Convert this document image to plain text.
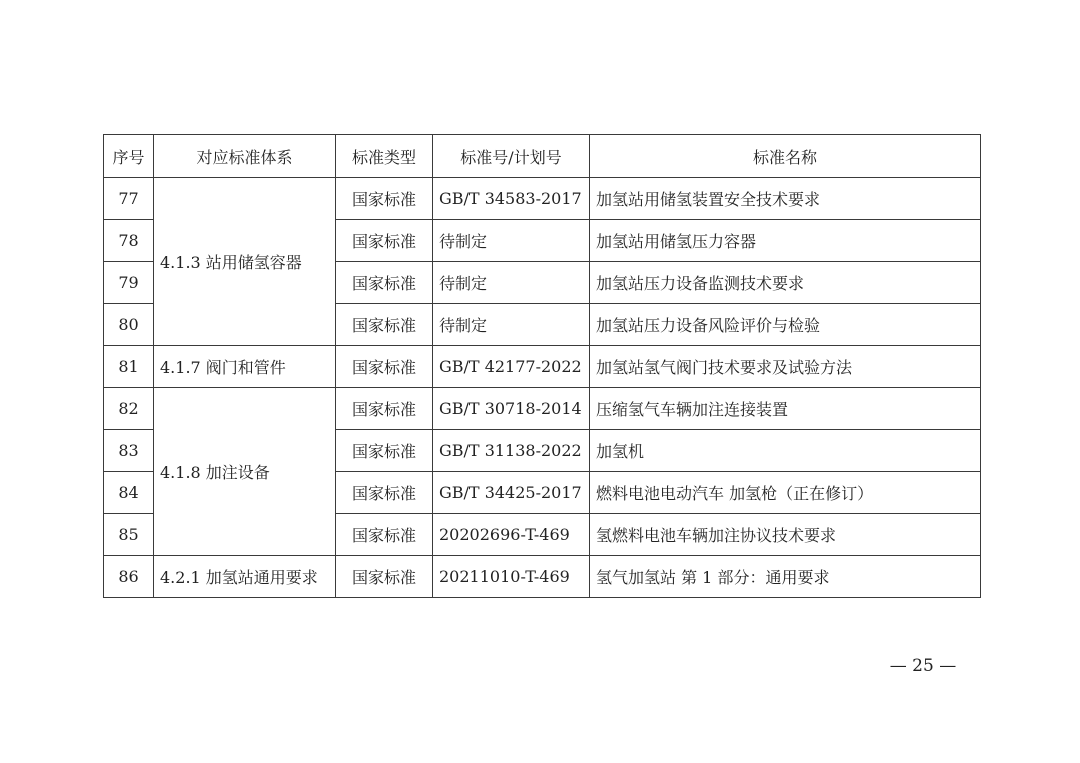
序号	对应标准体系	标准类型	标准号/计划号	标准名称
77	4.1.3 站用储氢容器	国家标准	GB/T 34583-2017	加氢站用储氢装置安全技术要求
78		国家标准	待制定	加氢站用储氢压力容器
79		国家标准	待制定	加氢站压力设备监测技术要求
80		国家标准	待制定	加氢站压力设备风险评价与检验
81	4.1.7 阀门和管件	国家标准	GB/T 42177-2022	加氢站氢气阀门技术要求及试验方法
82	4.1.8 加注设备	国家标准	GB/T 30718-2014	压缩氢气车辆加注连接装置
83		国家标准	GB/T 31138-2022	加氢机
84		国家标准	GB/T 34425-2017	燃料电池电动汽车 加氢枪（正在修订）
85		国家标准	20202696-T-469	氢燃料电池车辆加注协议技术要求
86	4.2.1 加氢站通用要求	国家标准	20211010-T-469	氢气加氢站 第 1 部分：通用要求
— 25 —
